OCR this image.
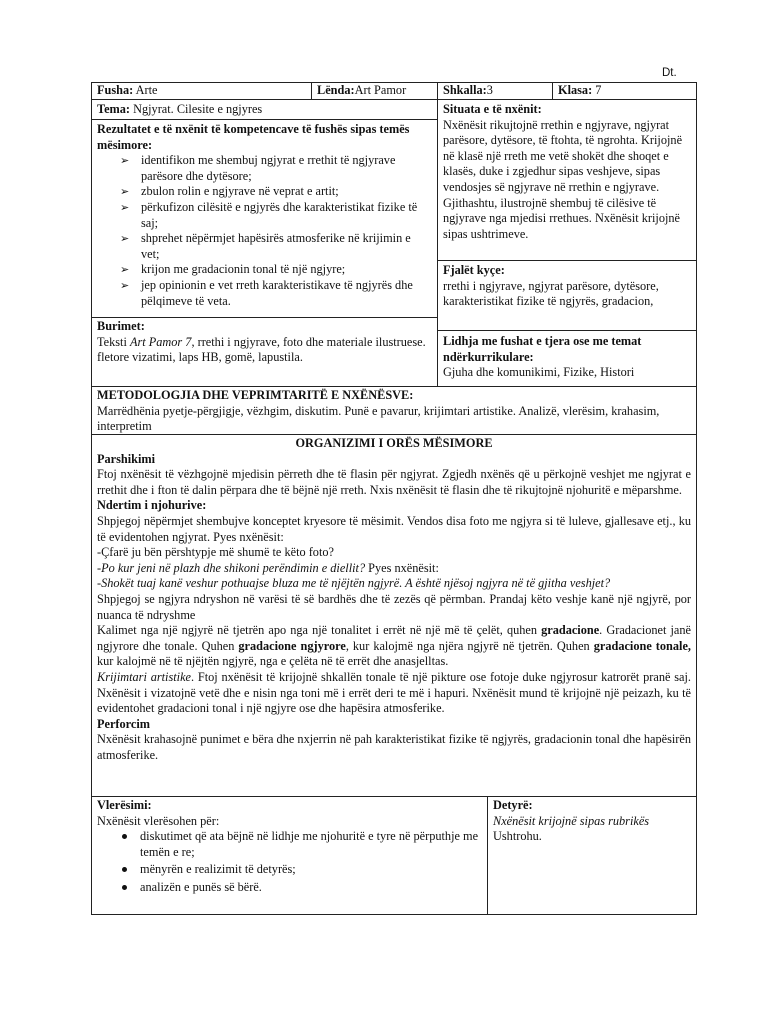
Dt.
Fusha: Arte	Lënda:Art Pamor	Shkalla:3	Klasa: 7
Tema: Ngjyrat. Cilesite e ngjyres
Rezultatet e të nxënit të kompetencave të fushës sipas temës mësimore:
➢ identifikon me shembuj ngjyrat e rrethit të ngjyrave parësore dhe dytësore;
➢ zbulon rolin e ngjyrave në veprat e artit;
➢ përkufizon cilësitë e ngjyrës dhe karakteristikat fizike të saj;
➢ shprehet nëpërmjet hapësirës atmosferike në krijimin e vet;
➢ krijon me gradacionin tonal të një ngjyre;
➢ jep opinionin e vet rreth karakteristikave të ngjyrës dhe pëlqimeve të veta.
Situata e të nxënit:
Nxënësit rikujtojnë rrethin e ngjyrave, ngjyrat parësore, dytësore, të ftohta, të ngrohta. Krijojnë në klasë një rreth me vetë shokët dhe shoqet e klasës, duke i zgjedhur sipas veshjeve, sipas vendosjes së ngjyrave në rrethin e ngjyrave. Gjithashtu, ilustrojnë shembuj të cilësive të ngjyrave nga mjedisi rrethues. Nxënësit krijojnë sipas ushtrimeve.
Fjalët kyçe:
rrethi i ngjyrave, ngjyrat parësore, dytësore, karakteristikat fizike të ngjyrës, gradacion,
Burimet:
Teksti Art Pamor 7, rrethi i ngjyrave, foto dhe materiale ilustruese. fletore vizatimi, laps HB, gomë, lapustila.
Lidhja me fushat e tjera ose me temat ndërkurrikulare:
Gjuha dhe komunikimi, Fizike, Histori
METODOLOGJIA DHE VEPRIMTARITË E NXËNËSVE:
Marrëdhënia pyetje-përgjigje, vëzhgim, diskutim. Punë e pavarur, krijimtari artistike. Analizë, vlerësim, krahasim, interpretim
ORGANIZIMI I ORËS MËSIMORE
Parshikimi

Ftoj nxënësit të vëzhgojnë mjedisin përreth dhe të flasin për ngjyrat. Zgjedh nxënës që u përkojnë veshjet me ngjyrat e rrethit dhe i fton të dalin përpara dhe të bëjnë një rreth. Nxis nxënësit të flasin dhe të rikujtojnë njohuritë e mëparshme.

Ndertim i njohurive:

Shpjegoj nëpërmjet shembujve konceptet kryesore të mësimit. Vendos disa foto me ngjyra si të luleve, gjallesave etj., ku të evidentohen ngjyrat. Pyes nxënësit:

-Çfarë ju bën përshtypje më shumë te këto foto?

-Po kur jeni në plazh dhe shikoni perëndimin e diellit? Pyes nxënësit:

-Shokët tuaj kanë veshur pothuajse bluza me të njëjtën ngjyrë. A është njësoj ngjyra në të gjitha veshjet?

Shpjegoj se ngjyra ndryshon në varësi të së bardhës dhe të zezës që përmban. Prandaj këto veshje kanë një ngjyrë, por nuanca të ndryshme

Kalimet nga një ngjyrë në tjetrën apo nga një tonalitet i errët në një më të çelët, quhen gradacione. Gradacionet janë ngjyrore dhe tonale. Quhen gradacione ngjyrore, kur kalojmë nga njëra ngjyrë në tjetrën. Quhen gradacione tonale, kur kalojmë në të njëjtën ngjyrë, nga e çelëta në të errët dhe anasjelltas.

Krijimtari artistike. Ftoj nxënësit të krijojnë shkallën tonale të një pikture ose fotoje duke ngjyrosur katrorët pranë saj. Nxënësit i vizatojnë vetë dhe e nisin nga toni më i errët deri te më i hapuri. Nxënësit mund të krijojnë një peizazh, ku të evidentohet gradacioni tonal i një ngjyre ose dhe hapësira atmosferike.

Perforcim

Nxënësit krahasojnë punimet e bëra dhe nxjerrin në pah karakteristikat fizike të ngjyrës, gradacionin tonal dhe hapësirën atmosferike.

Vlerësimi:
Nxënësit vlerësohen për:
diskutimet që ata bëjnë në lidhje me njohuritë e tyre në përputhje me temën e re;
mënyrën e realizimit të detyrës;
analizën e punës së bërë.
Detyrë:
Nxënësit krijojnë sipas rubrikës
Ushtrohu.
